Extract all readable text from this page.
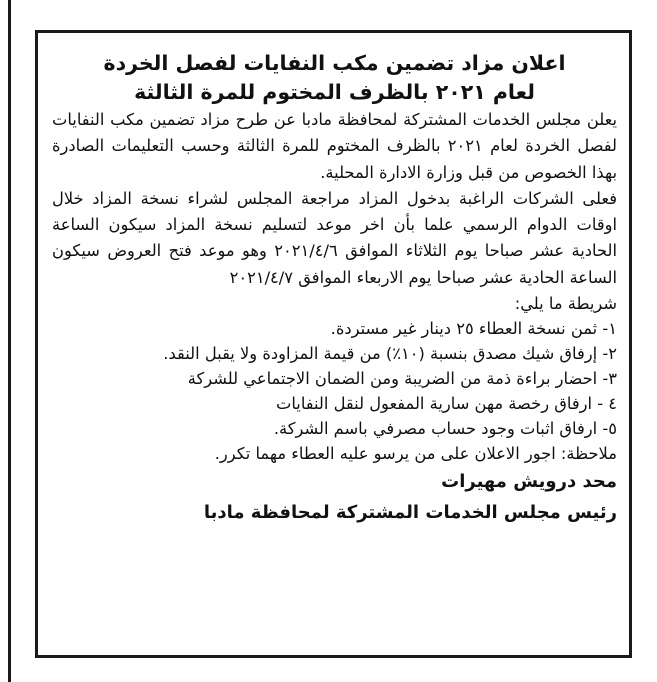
اعلان مزاد تضمين مكب النفايات لفصل الخردة

لعام ٢٠٢١ بالظرف المختوم للمرة الثالثة

يعلن مجلس الخدمات المشتركة لمحافظة مادبا عن طرح مزاد تضمين مكب النفايات لفصل الخردة لعام ٢٠٢١ بالظرف المختوم للمرة الثالثة وحسب التعليمات الصادرة بهذا الخصوص من قبل وزارة الادارة المحلية.

فعلى الشركات الراغبة بدخول المزاد مراجعة المجلس لشراء نسخة المزاد خلال اوقات الدوام الرسمي علما بأن اخر موعد لتسليم نسخة المزاد سيكون الساعة الحادية عشر صباحا يوم الثلاثاء الموافق ٢٠٢١/٤/٦ وهو موعد فتح العروض سيكون الساعة الحادية عشر صباحا يوم الاربعاء الموافق ٢٠٢١/٤/٧

شريطة ما يلي:

١- ثمن نسخة العطاء ٢٥ دينار غير مستردة.

٢- إرفاق شيك مصدق بنسبة (١٠٪) من قيمة المزاودة ولا يقبل النقد.

٣- احضار براءة ذمة من الضريبة ومن الضمان الاجتماعي للشركة

٤ - ارفاق رخصة مهن سارية المفعول لنقل النفايات

٥- ارفاق اثبات وجود حساب مصرفي باسم الشركة.

ملاحظة: اجور الاعلان على من يرسو عليه العطاء مهما تكرر.

محد درويش مهيرات

رئيس مجلس الخدمات المشتركة لمحافظة مادبا
